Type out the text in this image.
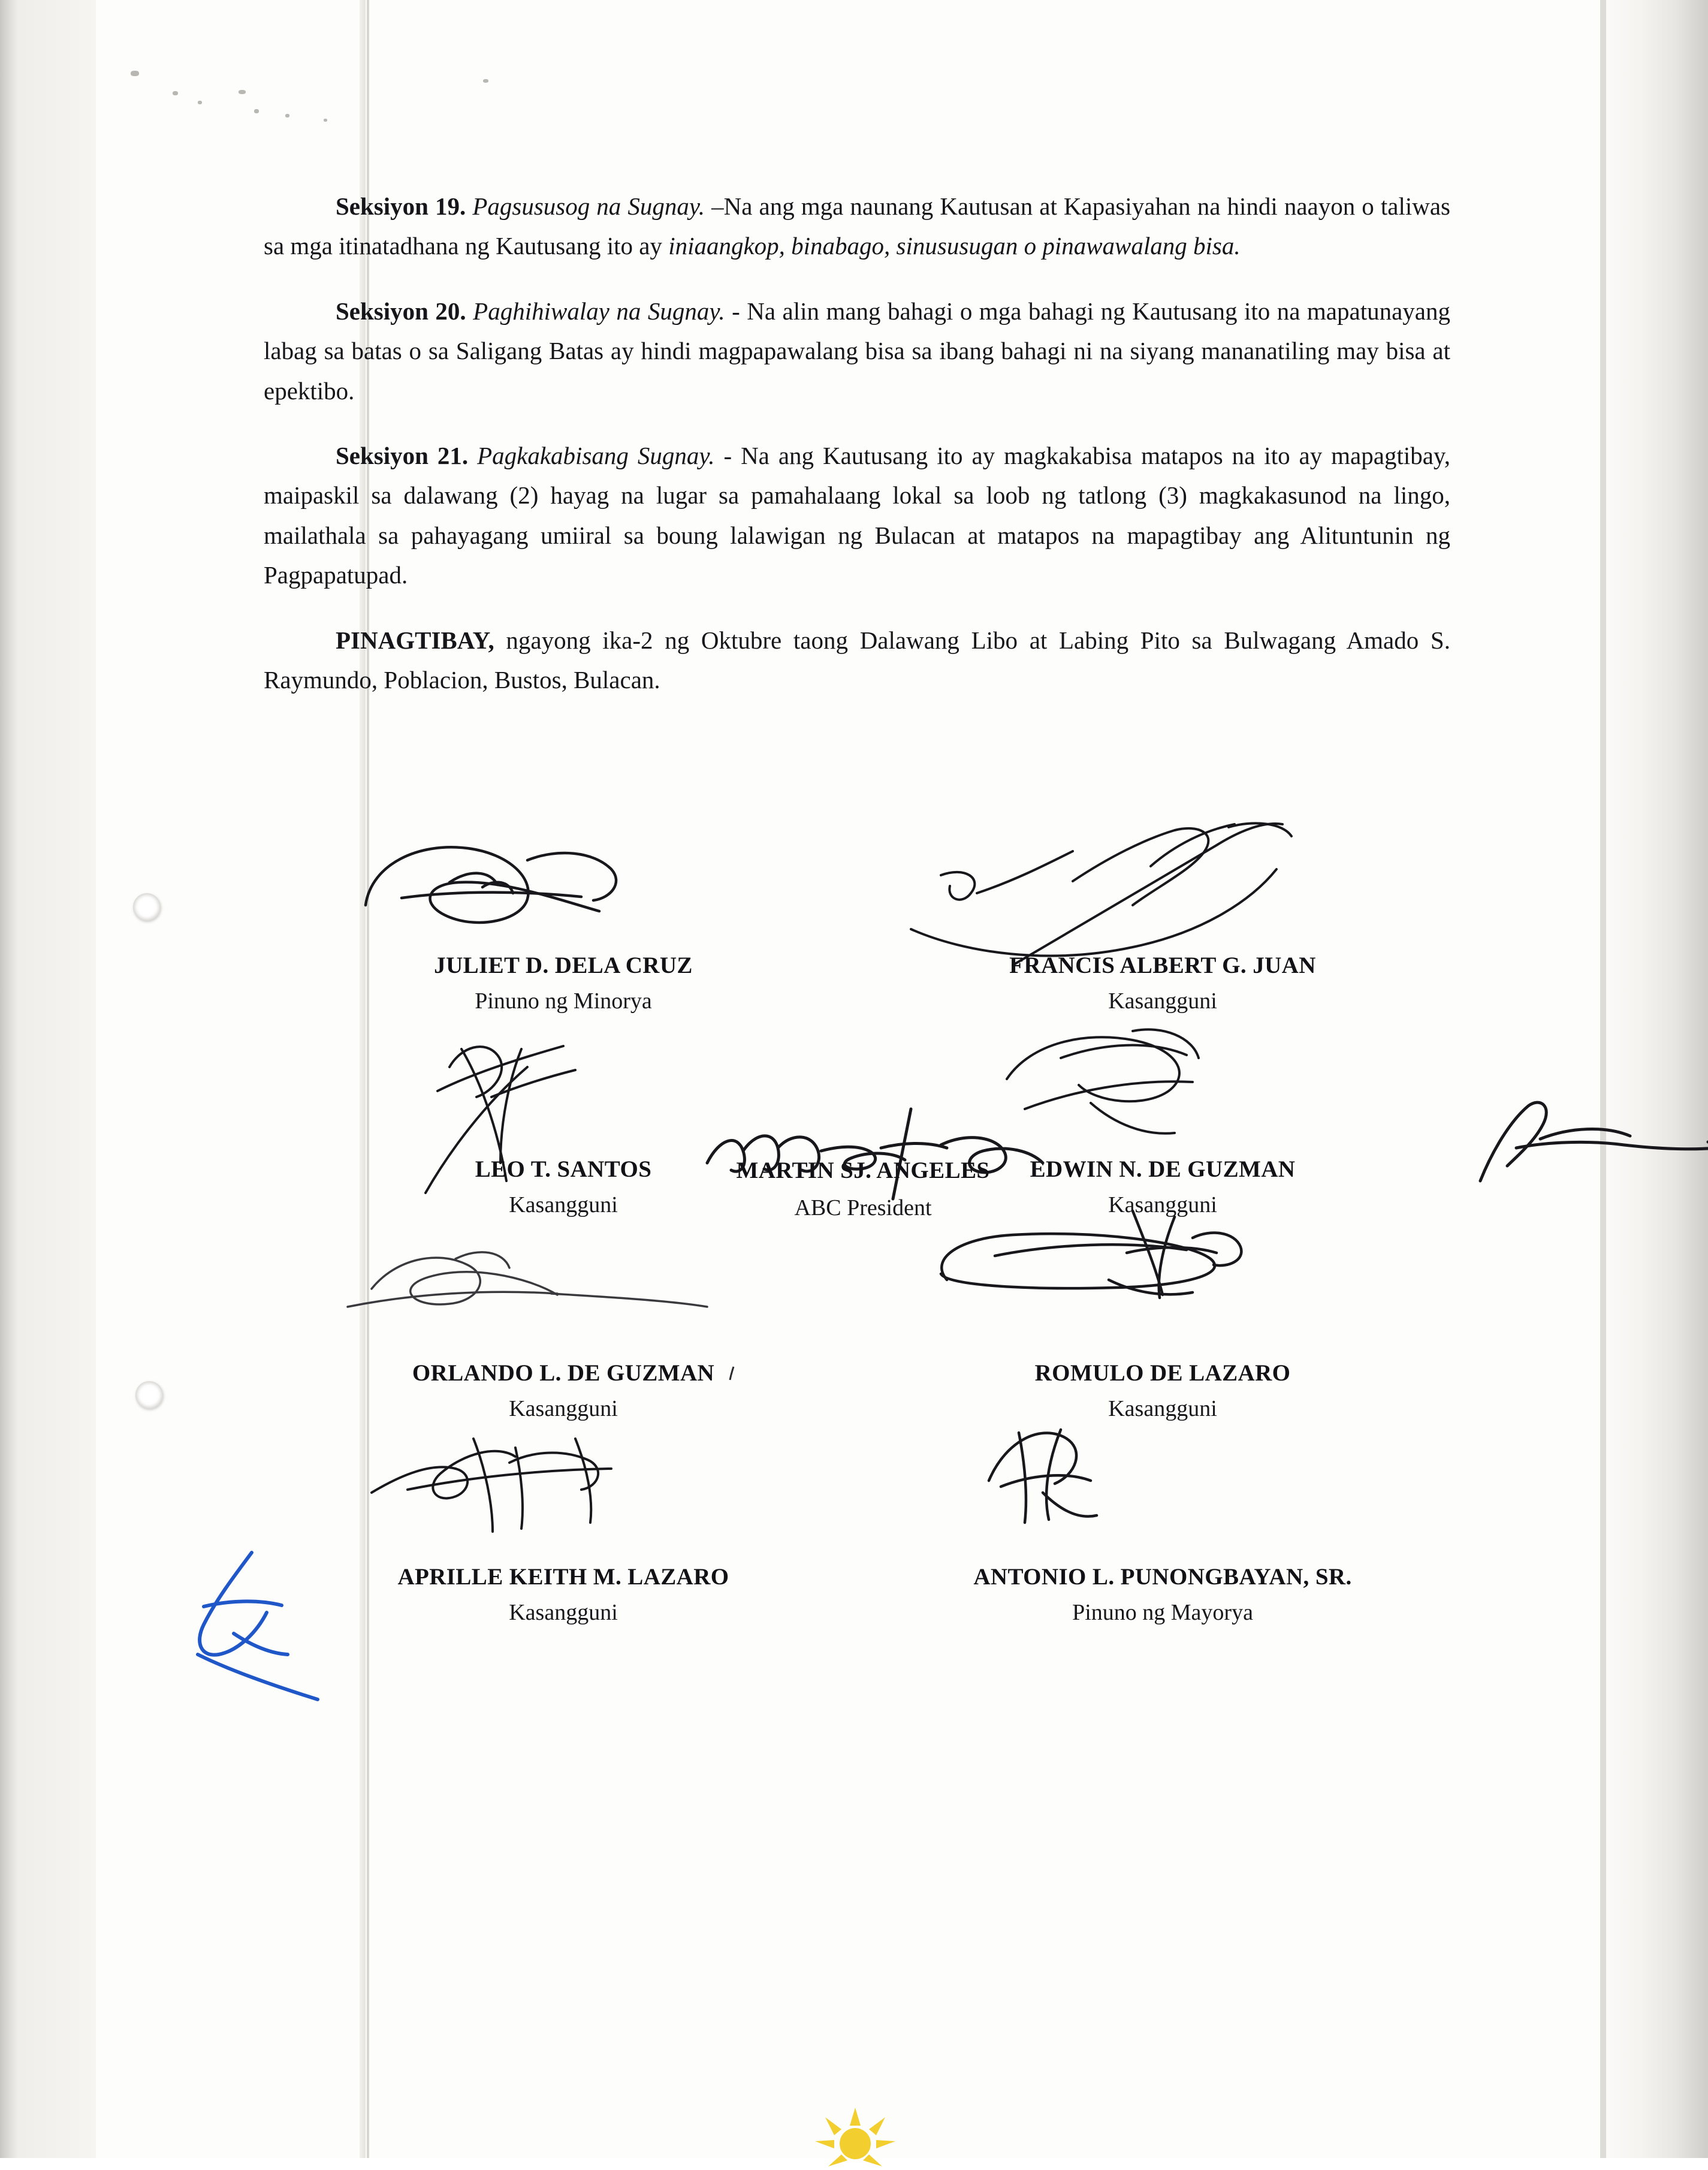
Seksiyon 19. Pagsususog na Sugnay. –Na ang mga naunang Kautusan at Kapasiyahan na hindi naayon o taliwas sa mga itinatadhana ng Kautusang ito ay iniaangkop, binabago, sinususugan o pinawawalang bisa.

Seksiyon 20. Paghihiwalay na Sugnay. - Na alin mang bahagi o mga bahagi ng Kautusang ito na mapatunayang labag sa batas o sa Saligang Batas ay hindi magpapawalang bisa sa ibang bahagi ni na siyang mananatiling may bisa at epektibo.

Seksiyon 21. Pagkakabisang Sugnay. - Na ang Kautusang ito ay magkakabisa matapos na ito ay mapagtibay, maipaskil sa dalawang (2) hayag na lugar sa pamahalaang lokal sa loob ng tatlong (3) magkakasunod na lingo, mailathala sa pahayagang umiiral sa boung lalawigan ng Bulacan at matapos na mapagtibay ang Alituntunin ng Pagpapatupad.

PINAGTIBAY, ngayong ika-2 ng Oktubre taong Dalawang Libo at Labing Pito sa Bulwagang Amado S. Raymundo, Poblacion, Bustos, Bulacan.

JULIET D. DELA CRUZ
Pinuno ng Minorya
FRANCIS ALBERT G. JUAN
Kasangguni
LEO T. SANTOS
Kasangguni
EDWIN N. DE GUZMAN
Kasangguni
ORLANDO L. DE GUZMAN
Kasangguni
ROMULO DE LAZARO
Kasangguni
APRILLE KEITH M. LAZARO
Kasangguni
ANTONIO L. PUNONGBAYAN, SR.
Pinuno ng Mayorya
MARTIN SJ. ANGELES
ABC President
